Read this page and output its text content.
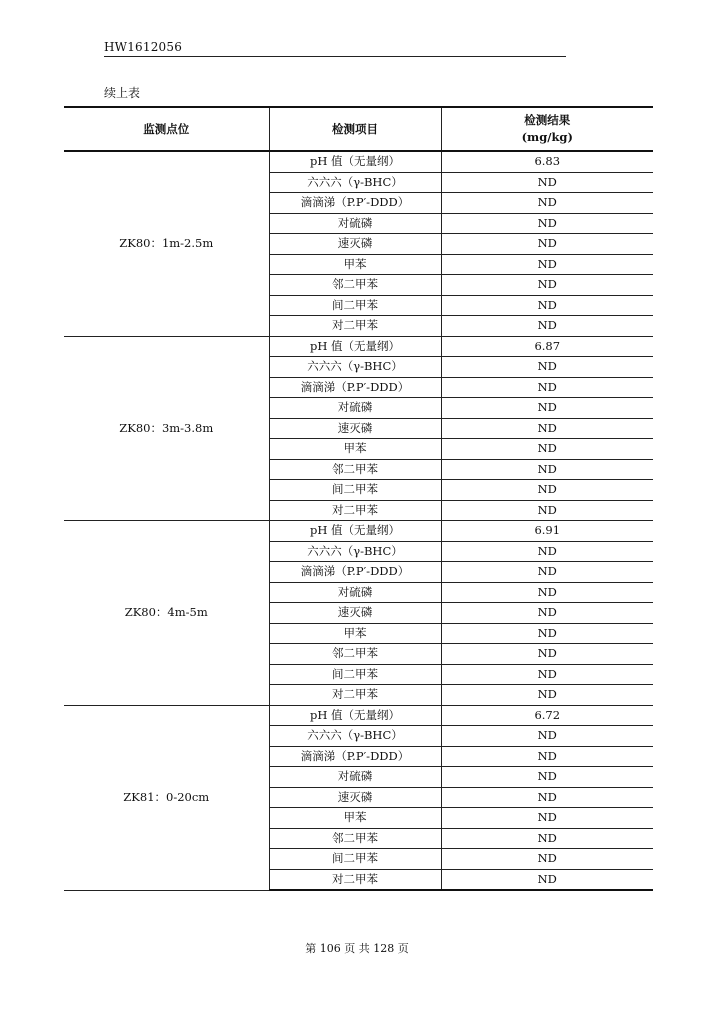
HW1612056
续上表
监测点位	检测项目	检测结果
(mg/kg)

ZK80：1m-2.5m	pH 值（无量纲）	6.83
	六六六（γ-BHC）	ND
	滴滴涕（P.P′-DDD）	ND
	对硫磷	ND
	速灭磷	ND
	甲苯	ND
	邻二甲苯	ND
	间二甲苯	ND
	对二甲苯	ND
ZK80：3m-3.8m	pH 值（无量纲）	6.87
	六六六（γ-BHC）	ND
	滴滴涕（P.P′-DDD）	ND
	对硫磷	ND
	速灭磷	ND
	甲苯	ND
	邻二甲苯	ND
	间二甲苯	ND
	对二甲苯	ND
ZK80：4m-5m	pH 值（无量纲）	6.91
	六六六（γ-BHC）	ND
	滴滴涕（P.P′-DDD）	ND
	对硫磷	ND
	速灭磷	ND
	甲苯	ND
	邻二甲苯	ND
	间二甲苯	ND
	对二甲苯	ND
ZK81：0-20cm	pH 值（无量纲）	6.72
	六六六（γ-BHC）	ND
	滴滴涕（P.P′-DDD）	ND
	对硫磷	ND
	速灭磷	ND
	甲苯	ND
	邻二甲苯	ND
	间二甲苯	ND
	对二甲苯	ND
第 106 页 共 128 页
